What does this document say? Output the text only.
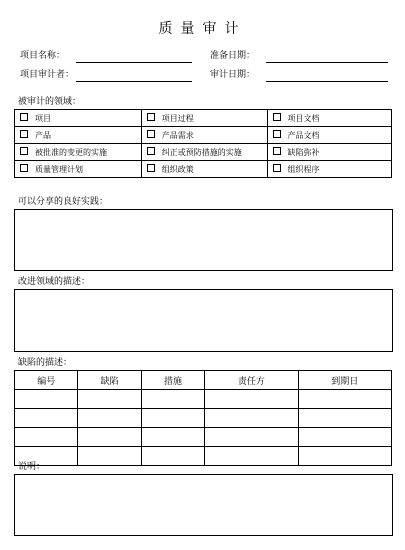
质量审计
项目名称：	准备日期：
项目审计者：	审计日期：
被审计的领域：
项目	项目过程	项目文档
产品	产品需求	产品文档
被批准的变更的实施	纠正或预防措施的实施	缺陷弥补
质量管理计划	组织政策	组织程序
可以分享的良好实践：
改进领域的描述：
缺陷的描述：
编号	缺陷	措施	责任方	到期日

说明：
